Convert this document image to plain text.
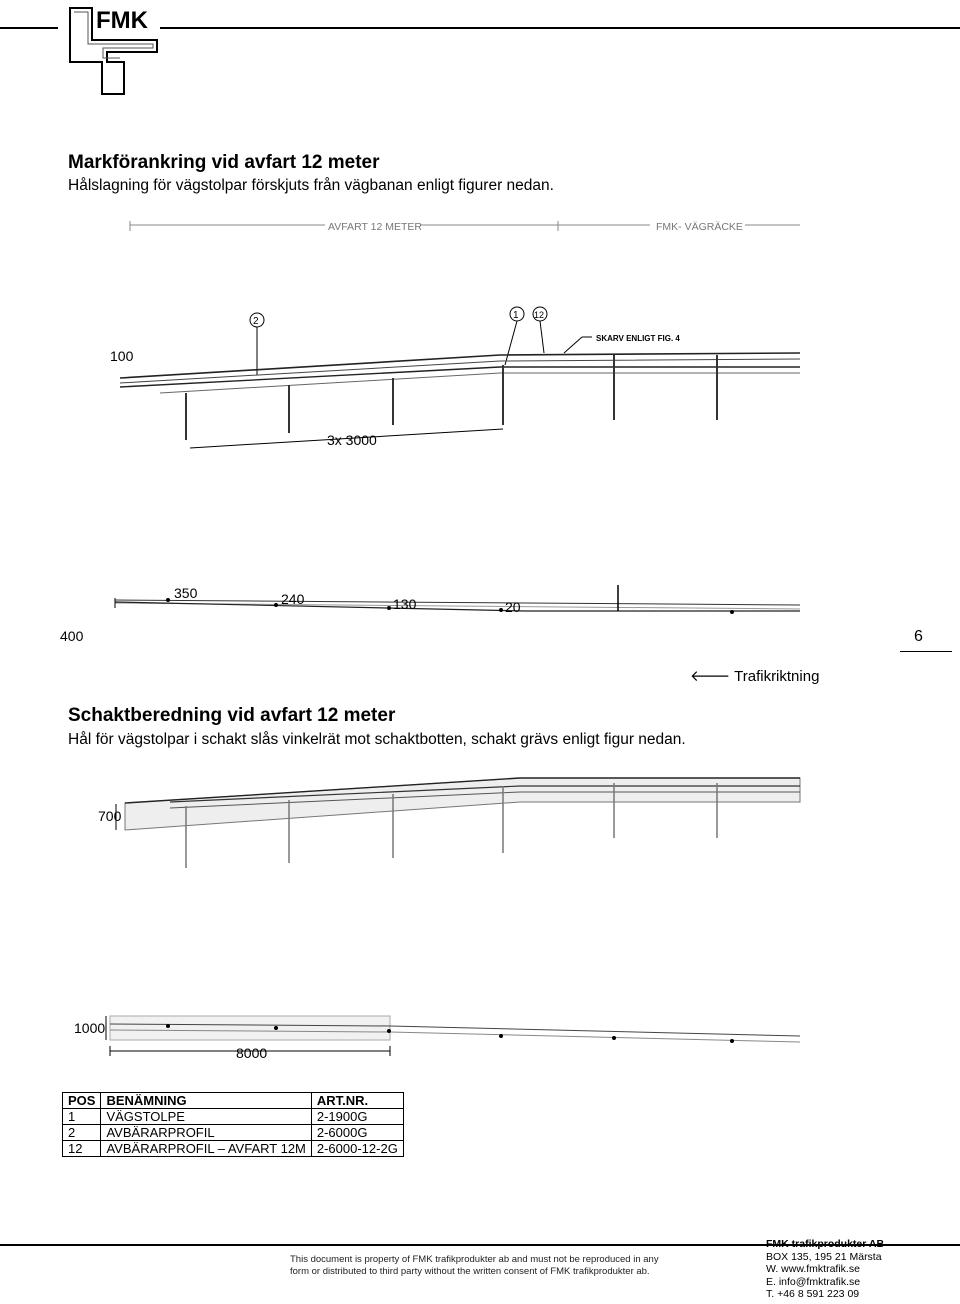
FMK
Markförankring vid avfart 12 meter
Hålslagning för vägstolpar förskjuts från vägbanan enligt figurer nedan.
AVFART 12 METER	FMK- VÄGRÄCKE
2
1 12
SKARV ENLIGT FIG. 4
100
3x 3000
350	240	130	20
400	6
🡐 Trafikriktning
Schaktberedning vid avfart 12 meter
Hål för vägstolpar i schakt slås vinkelrät mot schaktbotten, schakt grävs enligt figur nedan.
700
1000
8000
POS	BENÄMNING	ART.NR.
1	VÄGSTOLPE	2-1900G
2	AVBÄRARPROFIL	2-6000G
12	AVBÄRARPROFIL – AVFART 12M	2-6000-12-2G
This document is property of FMK trafikprodukter ab and must not be reproduced in any
form or distributed to third party without the written consent of FMK trafikprodukter ab.
FMK trafikprodukter AB
BOX 135, 195 21 Märsta
W. www.fmktrafik.se
E. info@fmktrafik.se
T. +46 8 591 223 09
